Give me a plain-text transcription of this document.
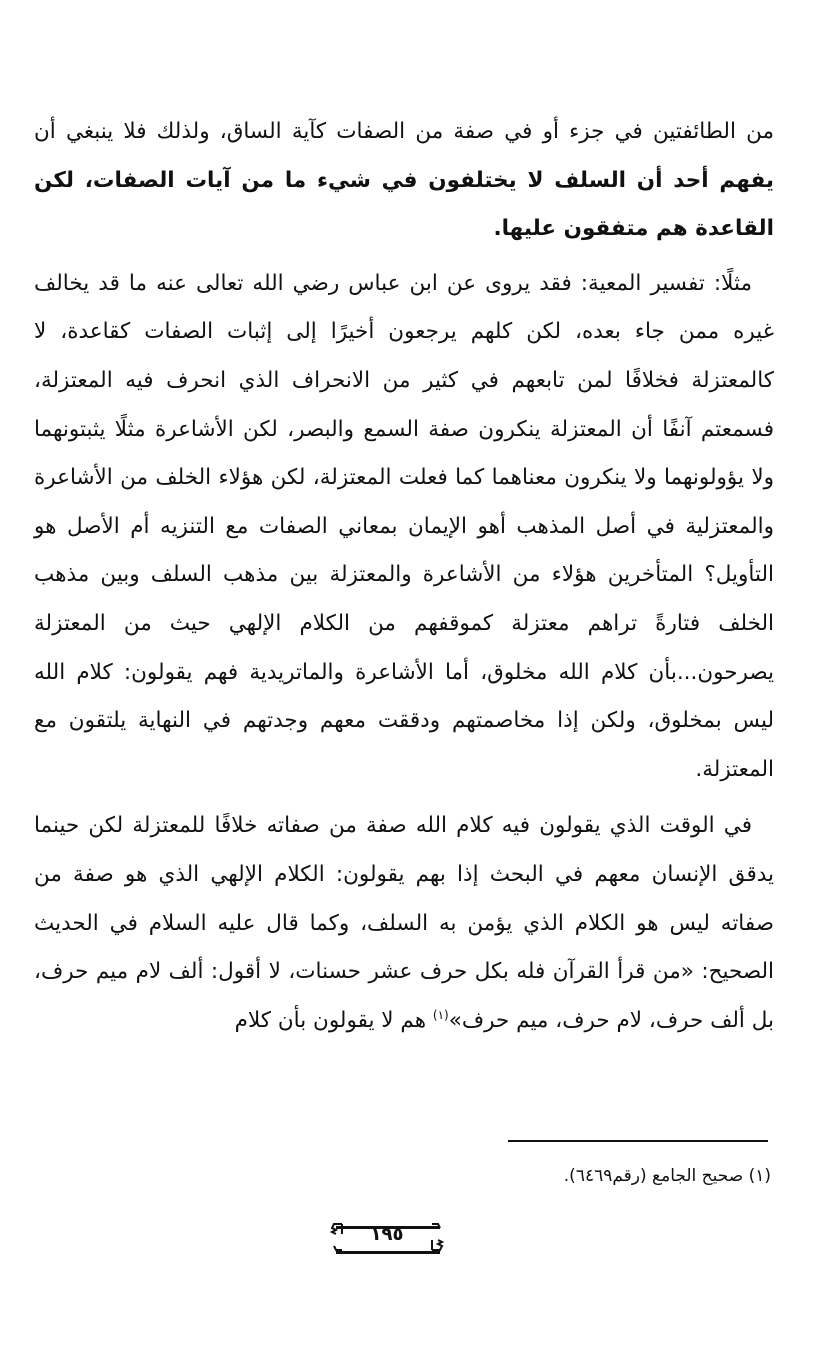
من الطائفتين في جزء أو في صفة من الصفات كآية الساق، ولذلك فلا ينبغي أن يفهم أحد أن السلف لا يختلفون في شيء ما من آيات الصفات، لكن القاعدة هم متفقون عليها.

مثلًا: تفسير المعية: فقد يروى عن ابن عباس رضي الله تعالى عنه ما قد يخالف غيره ممن جاء بعده، لكن كلهم يرجعون أخيرًا إلى إثبات الصفات كقاعدة، لا كالمعتزلة فخلافًا لمن تابعهم في كثير من الانحراف الذي انحرف فيه المعتزلة، فسمعتم آنفًا أن المعتزلة ينكرون صفة السمع والبصر، لكن الأشاعرة مثلًا يثبتونهما ولا يؤولونهما ولا ينكرون معناهما كما فعلت المعتزلة، لكن هؤلاء الخلف من الأشاعرة والمعتزلية في أصل المذهب أهو الإيمان بمعاني الصفات مع التنزيه أم الأصل هو التأويل؟ المتأخرين هؤلاء من الأشاعرة والمعتزلة بين مذهب السلف وبين مذهب الخلف فتارةً تراهم معتزلة كموقفهم من الكلام الإلهي حيث من المعتزلة يصرحون...بأن كلام الله مخلوق، أما الأشاعرة والماتريدية فهم يقولون: كلام الله ليس بمخلوق، ولكن إذا مخاصمتهم ودققت معهم وجدتهم في النهاية يلتقون مع المعتزلة.

في الوقت الذي يقولون فيه كلام الله صفة من صفاته خلافًا للمعتزلة لكن حينما يدقق الإنسان معهم في البحث إذا بهم يقولون: الكلام الإلهي الذي هو صفة من صفاته ليس هو الكلام الذي يؤمن به السلف، وكما قال عليه السلام في الحديث الصحيح: «من قرأ القرآن فله بكل حرف عشر حسنات، لا أقول: ألف لام ميم حرف، بل ألف حرف، لام حرف، ميم حرف»$^{(١)}$ هم لا يقولون بأن كلام

(١) صحيح الجامع (رقم٦٤٦٩).
١٩٥
